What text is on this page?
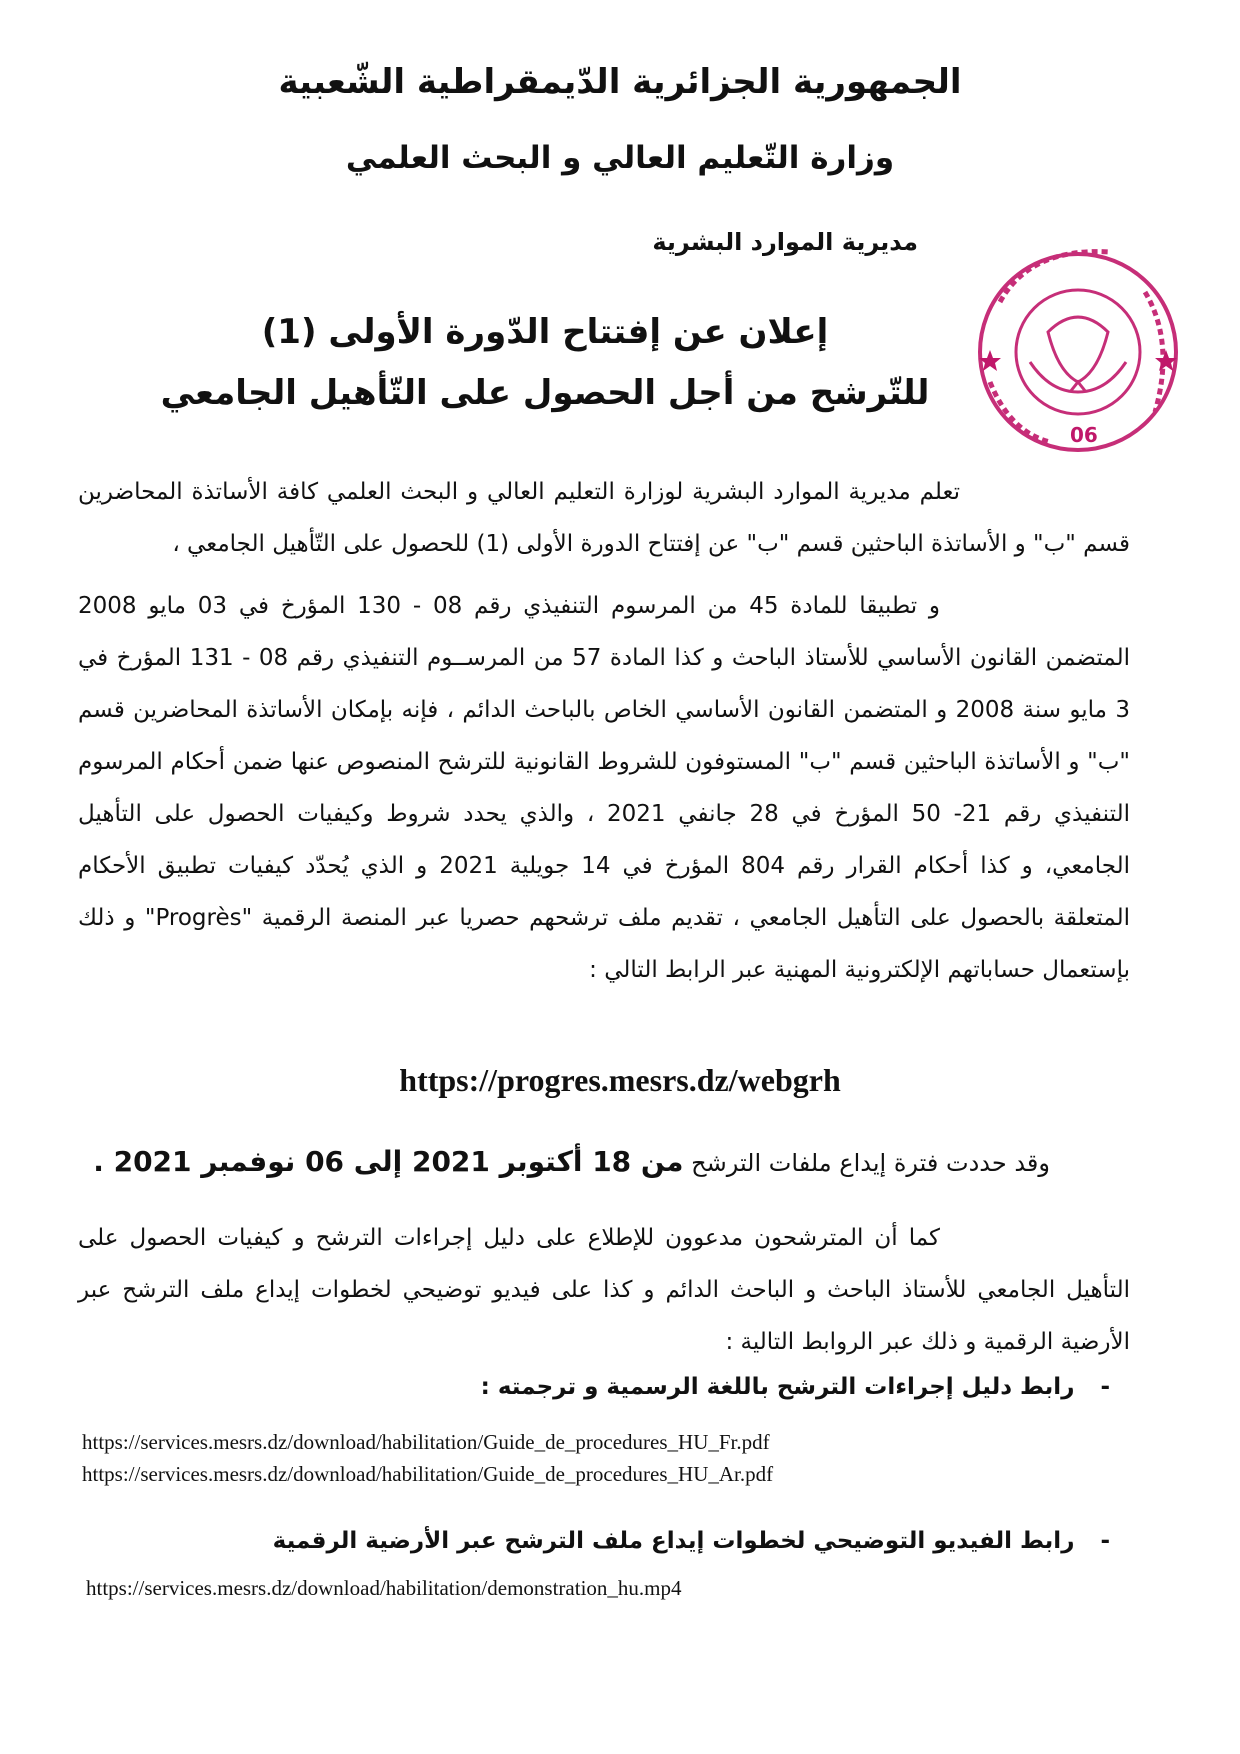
الجمهورية الجزائرية الدّيمقراطية الشّعبية
وزارة التّعليم العالي و البحث العلمي
مديرية الموارد البشرية
06
إعلان عن إفتتاح الدّورة الأولى (1)
للتّرشح من أجل الحصول على التّأهيل الجامعي
تعلم مديرية الموارد البشرية لوزارة التعليم العالي و البحث العلمي كافة الأساتذة المحاضرين قسم "ب" و الأساتذة الباحثين قسم "ب" عن إفتتاح الدورة الأولى (1) للحصول على التّأهيل الجامعي ،
و تطبيقا للمادة 45 من المرسوم التنفيذي رقم 08 - 130 المؤرخ في 03 مايو 2008 المتضمن القانون الأساسي للأستاذ الباحث و كذا المادة 57 من المرســوم التنفيذي رقم 08 - 131 المؤرخ في 3 مايو سنة 2008 و المتضمن القانون الأساسي الخاص بالباحث الدائم ، فإنه بإمكان الأساتذة المحاضرين قسم "ب" و الأساتذة الباحثين قسم "ب" المستوفون للشروط القانونية للترشح المنصوص عنها ضمن أحكام المرسوم التنفيذي رقم 21- 50 المؤرخ في 28 جانفي 2021 ، والذي يحدد شروط وكيفيات الحصول على التأهيل الجامعي، و كذا أحكام القرار رقم 804 المؤرخ في 14 جويلية 2021 و الذي يُحدّد كيفيات تطبيق الأحكام المتعلقة بالحصول على التأهيل الجامعي ، تقديم ملف ترشحهم حصريا عبر المنصة الرقمية "Progrès" و ذلك بإستعمال حساباتهم الإلكترونية المهنية عبر الرابط التالي :
https://progres.mesrs.dz/webgrh
وقد حددت فترة إيداع ملفات الترشح من 18 أكتوبر 2021 إلى 06 نوفمبر 2021 .
كما أن المترشحون مدعوون للإطلاع على دليل إجراءات الترشح و كيفيات الحصول على التأهيل الجامعي للأستاذ الباحث و الباحث الدائم و كذا على فيديو توضيحي لخطوات إيداع ملف الترشح عبر الأرضية الرقمية و ذلك عبر الروابط التالية :
- رابط دليل إجراءات الترشح باللغة الرسمية و ترجمته :
https://services.mesrs.dz/download/habilitation/Guide_de_procedures_HU_Fr.pdf
https://services.mesrs.dz/download/habilitation/Guide_de_procedures_HU_Ar.pdf
- رابط الفيديو التوضيحي لخطوات إيداع ملف الترشح عبر الأرضية الرقمية
https://services.mesrs.dz/download/habilitation/demonstration_hu.mp4
